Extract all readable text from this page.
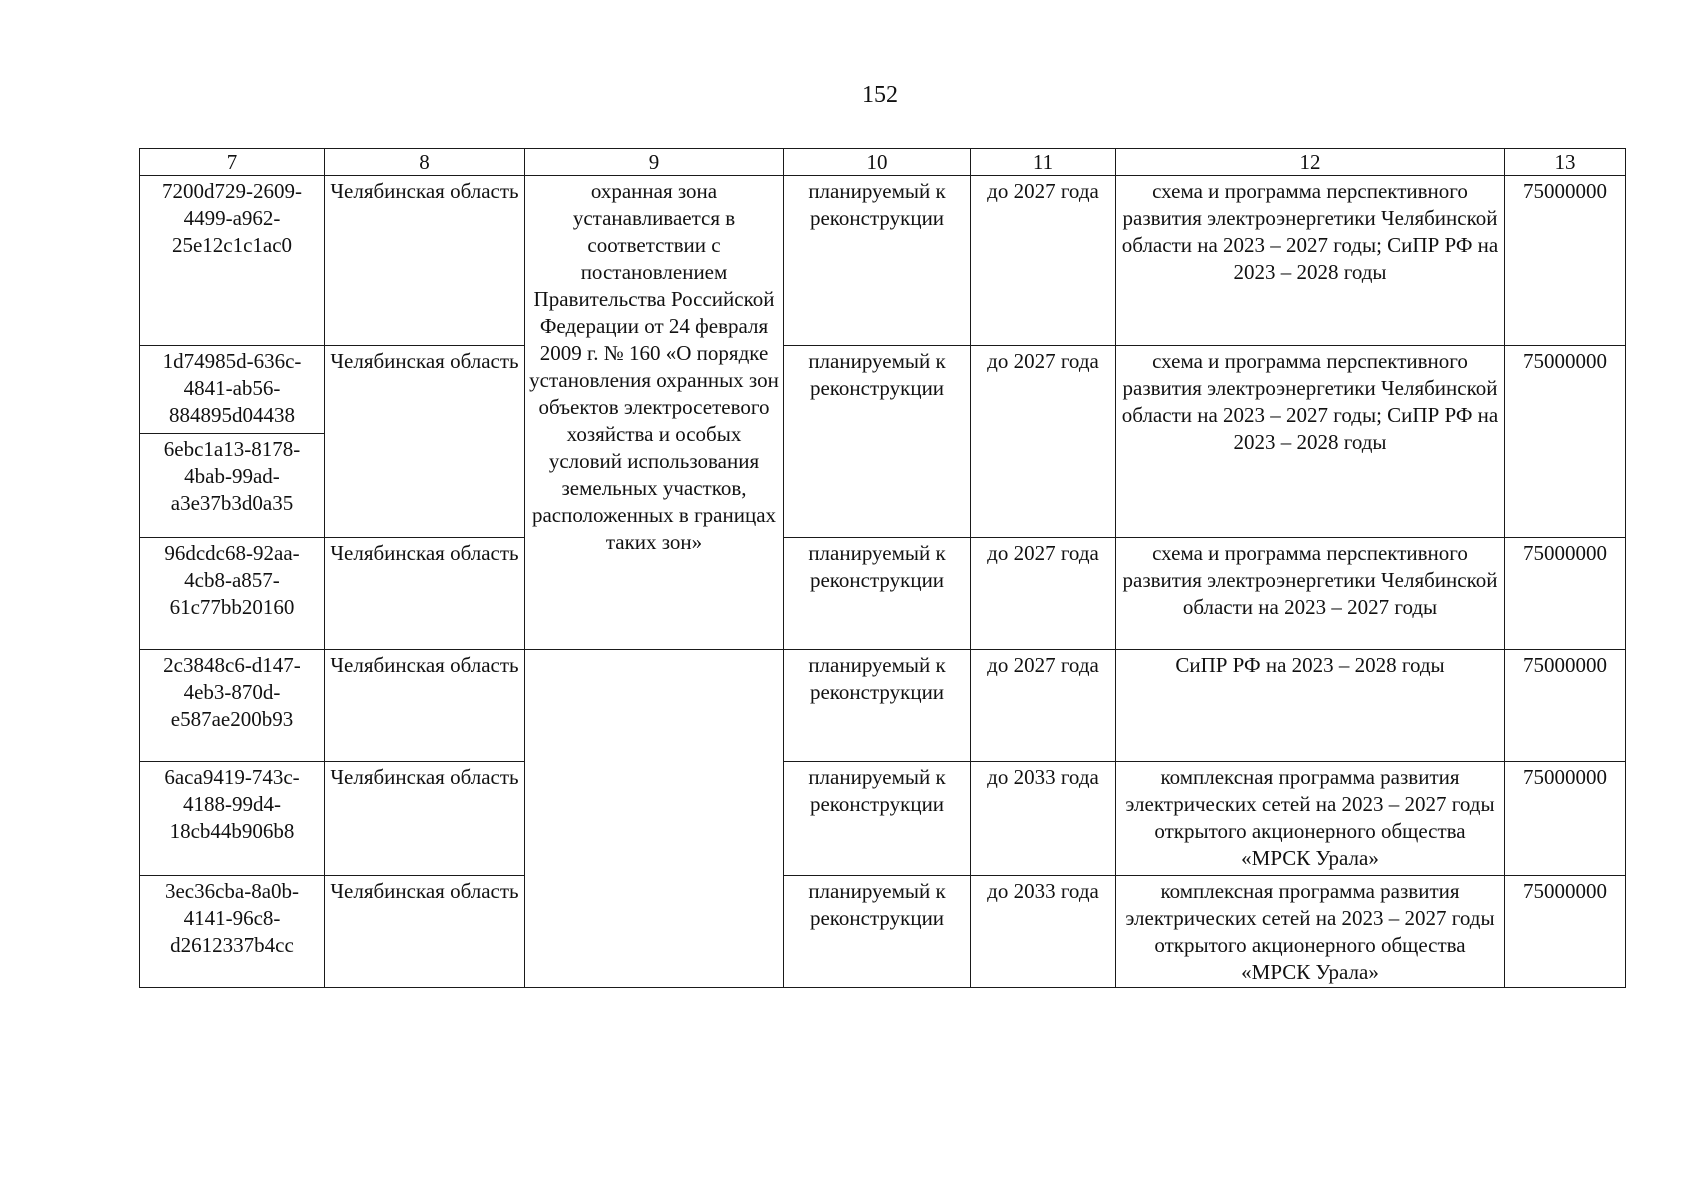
152
7	8	9	10	11	12	13
7200d729-2609-4499-a962-25e12c1c1ac0	Челябинская область	охранная зона устанавливается в соответствии с постановлением Правительства Российской Федерации от 24 февраля 2009 г. № 160 «О порядке установления охранных зон объектов электросетевого хозяйства и особых условий использования земельных участков, расположенных в границах таких зон»	планируемый к реконструкции	до 2027 года	схема и программа перспективного развития электроэнергетики Челябинской области на 2023 – 2027 годы; СиПР РФ на 2023 – 2028 годы	75000000
1d74985d-636c-4841-ab56-884895d04438	Челябинская область		планируемый к реконструкции	до 2027 года	схема и программа перспективного развития электроэнергетики Челябинской области на 2023 – 2027 годы; СиПР РФ на 2023 – 2028 годы	75000000
6ebc1a13-8178-4bab-99ad-a3e37b3d0a35						
96dcdc68-92aa-4cb8-a857-61c77bb20160	Челябинская область		планируемый к реконструкции	до 2027 года	схема и программа перспективного развития электроэнергетики Челябинской области на 2023 – 2027 годы	75000000
2c3848c6-d147-4eb3-870d-e587ae200b93	Челябинская область		планируемый к реконструкции	до 2027 года	СиПР РФ на 2023 – 2028 годы	75000000
6aca9419-743c-4188-99d4-18cb44b906b8	Челябинская область		планируемый к реконструкции	до 2033 года	комплексная программа развития электрических сетей на 2023 – 2027 годы открытого акционерного общества «МРСК Урала»	75000000
3ec36cba-8a0b-4141-96c8-d2612337b4cc	Челябинская область		планируемый к реконструкции	до 2033 года	комплексная программа развития электрических сетей на 2023 – 2027 годы открытого акционерного общества «МРСК Урала»	75000000
